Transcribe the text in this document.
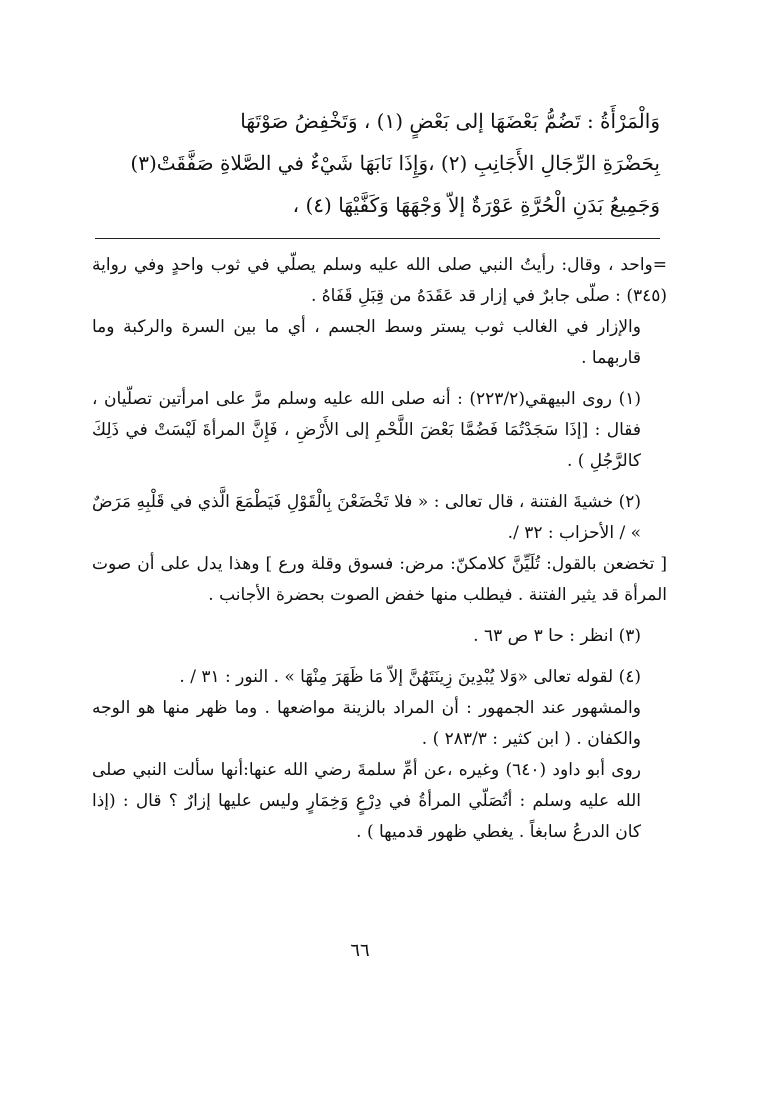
وَالْمَرْأَةُ : تَضُمُّ بَعْضَهَا إلى بَعْضٍ (١) ، وَتَخْفِضُ صَوْتَهَا

بِحَضْرَةِ الرِّجَالِ الأَجَانِبِ (٢) ،وَإِذَا نَابَهَا شَيْءٌ في الصَّلاةِ صَفَّقَتْ(٣)

وَجَمِيعُ بَدَنِ الْحُرَّةِ عَوْرَةٌ إلاّ وَجْهَهَا وَكَفَّيْهَا (٤) ،

=واحد ، وقال: رأيتُ النبي صلى الله عليه وسلم يصلّي في ثوب واحدٍ وفي رواية (٣٤٥) : صلّى جابرٌ في إزار قد عَقَدَهُ من قِبَلِ قَفَاهُ .

والإزار في الغالب ثوب يستر وسط الجسم ، أي ما بين السرة والركبة وما قاربهما .

(١) روى البيهقي(٢٢٣/٢) : أنه صلى الله عليه وسلم مرَّ على امرأتين تصلّيان ، فقال : [إذَا سَجَدْتُمَا فَضُمَّا بَعْضَ اللَّحْمِ إلى الأَرْضِ ، فَإِنَّ المرأةَ لَيْسَتْ في ذَلِكَ كالرَّجُلِ ) .

(٢) خشيةَ الفتنة ، قال تعالى : « فلا تَخْضَعْنَ بِالْقَوْلِ فَيَطْمَعَ الَّذي في قَلْبِهِ مَرَضٌ » / الأحزاب : ٣٢ /.

[ تخضعن بالقول: تُلَيِّنَّ كلامكنّ: مرض: فسوق وقلة ورع ] وهذا يدل على أن صوت المرأة قد يثير الفتنة . فيطلب منها خفض الصوت بحضرة الأجانب .

(٣) انظر : حا ٣ ص ٦٣ .

(٤) لقوله تعالى «وَلا يُبْدِينَ زِينَتَهُنَّ إلاّ مَا ظَهَرَ مِنْهَا » . النور : ٣١ / .

والمشهور عند الجمهور : أن المراد بالزينة مواضعها . وما ظهر منها هو الوجه والكفان . ( ابن كثير : ٢٨٣/٣ ) .

روى أبو داود (٦٤٠) وغيره ،عن أمِّ سلمةَ رضي الله عنها:أنها سألت النبي صلى الله عليه وسلم : أتُصَلّي المرأةُ في دِرْعٍ وَخِمَارٍ وليس عليها إزارٌ ؟ قال : (إذا كان الدرعُ سابغاً . يغطي ظهور قدميها ) .

٦٦
